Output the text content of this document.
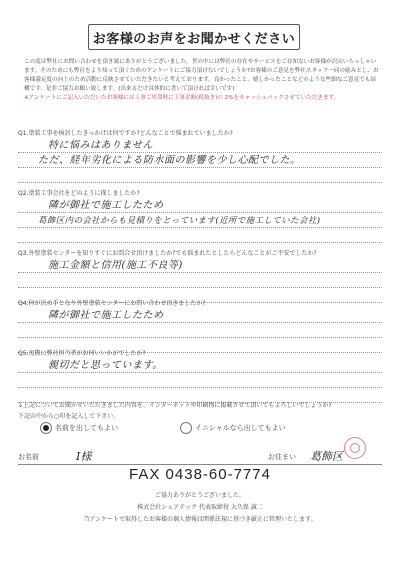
お客様のお声をお聞かせください

この度は弊社にお問い合わせを頂き誠にありがとうございました。世の中には弊社の存在やサービスをご存知ないお客様が沢山いらっしゃいます。そのためにも弊社をより知って頂くためのアンケートにご協力頂けないでしょうか?お客様のご意見を弊社スタッフ一同の励みとし、お客様満足度の向上のため活動に反映させていただきたいと考えております。良かったこと、嬉しかったことなどのような些細なご意見でも結構です。是非ご協力お願い致します。(出来るだけ具体的に書いて頂ければ幸いです)

※アンケートにご記入いただいたお客様には工事ご用命時に工事金額(税抜き)の 2%をキャッシュバックさせていただきます。

Q1.塗装工事を検討したきっかけは何ですか?どんなことで悩まれていましたか?

特に悩みはありません
ただ、経年劣化による防水面の影響を少し心配でした。

Q2.塗装工事会社をどのように探しましたか?

隣が御社で施工したため
葛飾区内の会社からも見積りをとっています(近所で施工していた会社)

Q3.外壁塗装センターを知りすぐにお問合せ頂けましたか?でも悩まれたとしたらどんなことがご不安でしたか?

施工金額と信用(施工不良等)

Q4.何が決め手となり外壁塗装センターにお問い合わせ頂きましたか?

隣が御社で施工したため

Q5.実際に弊社担当者がお伺いいかがでしたか?

親切だと思っています。
↓上記についてお聞かせいただきました内容を、インターネットや印刷物に掲載させて頂いてもよろしいでしょうか?
下記の中から○印を記入して下さい。
名前を出してもよい	イニシャルなら出してもよい
お名前	I様	お住まい 葛飾区
FAX 0438-60-7774
ご協力ありがとうございました。
株式会社シュアテック 代表取締役 大久保 誠二
当アンケートで取得したお客様の個人情報は関係法規に基づき厳正に管理いたします。
